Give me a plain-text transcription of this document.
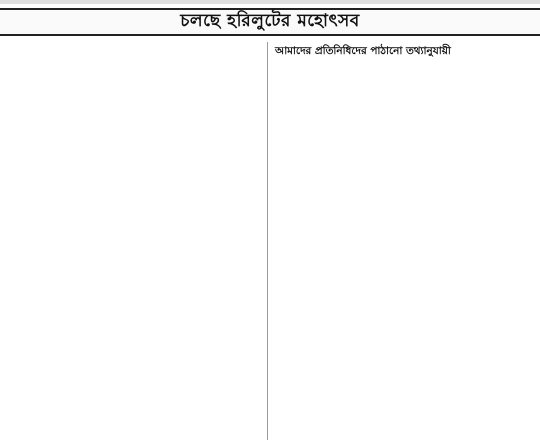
চলছে হরিলুটের মহোৎসব

আমাদের প্রতিনিধিদের পাঠানো তথ্যানুযায়ী
